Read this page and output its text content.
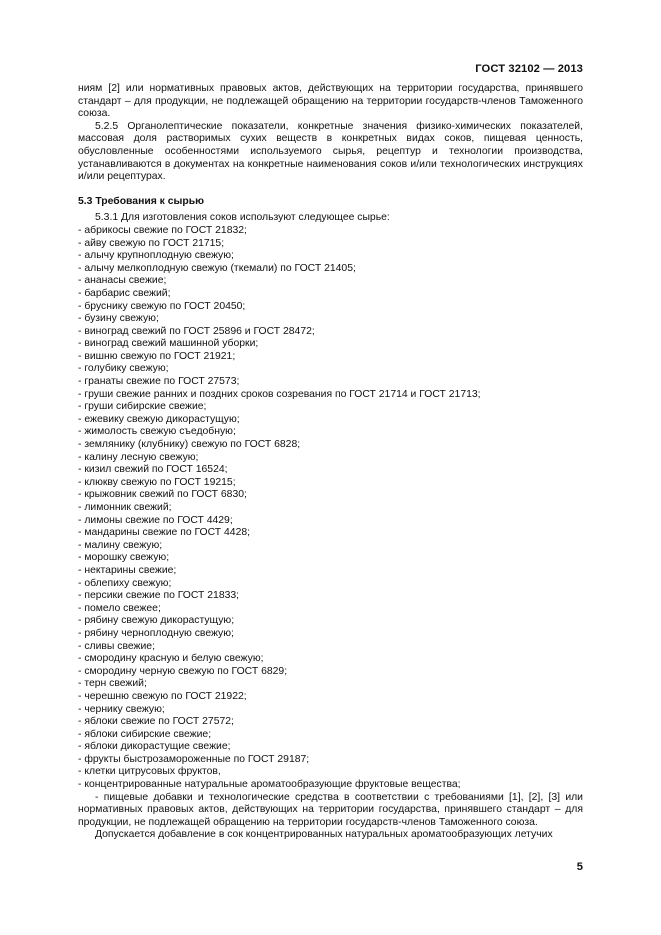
ГОСТ 32102 — 2013

ниям [2] или нормативных правовых актов, действующих на территории государства, принявшего стандарт – для продукции, не подлежащей обращению на территории государств-членов Таможенного союза.

5.2.5 Органолептические показатели, конкретные значения физико-химических показателей, массовая доля растворимых сухих веществ в конкретных видах соков, пищевая ценность, обусловленные особенностями используемого сырья, рецептур и технологии производства, устанавливаются в документах на конкретные наименования соков и/или технологических инструкциях и/или рецептурах.

5.3 Требования к сырью

5.3.1 Для изготовления соков используют следующее сырье:

- абрикосы свежие по ГОСТ 21832;
- айву свежую по ГОСТ 21715;
- алычу крупноплодную свежую;
- алычу мелкоплодную свежую (ткемали) по ГОСТ 21405;
- ананасы свежие;
- барбарис свежий;
- бруснику свежую по ГОСТ 20450;
- бузину свежую;
- виноград свежий по ГОСТ 25896 и ГОСТ 28472;
- виноград свежий машинной уборки;
- вишню свежую по ГОСТ 21921;
- голубику свежую;
- гранаты свежие по ГОСТ 27573;
- груши свежие ранних и поздних сроков созревания по ГОСТ 21714 и ГОСТ 21713;
- груши сибирские свежие;
- ежевику свежую дикорастущую;
- жимолость свежую съедобную;
- землянику (клубнику) свежую по ГОСТ 6828;
- калину лесную свежую;
- кизил свежий по ГОСТ 16524;
- клюкву свежую по ГОСТ 19215;
- крыжовник свежий по ГОСТ 6830;
- лимонник свежий;
- лимоны свежие по ГОСТ 4429;
- мандарины свежие по ГОСТ 4428;
- малину свежую;
- морошку свежую;
- нектарины свежие;
- облепиху свежую;
- персики свежие по ГОСТ 21833;
- помело свежее;
- рябину свежую дикорастущую;
- рябину черноплодную свежую;
- сливы свежие;
- смородину красную и белую свежую;
- смородину черную свежую по ГОСТ 6829;
- терн свежий;
- черешню свежую по ГОСТ 21922;
- чернику свежую;
- яблоки свежие по ГОСТ 27572;
- яблоки сибирские свежие;
- яблоки дикорастущие свежие;
- фрукты быстрозамороженные по ГОСТ 29187;
- клетки цитрусовых фруктов,
- концентрированные натуральные ароматообразующие фруктовые вещества;

- пищевые добавки и технологические средства в соответствии с требованиями [1], [2], [3] или нормативных правовых актов, действующих на территории государства, принявшего стандарт – для продукции, не подлежащей обращению на территории государств-членов Таможенного союза.

Допускается добавление в сок концентрированных натуральных ароматообразующих летучих

5
